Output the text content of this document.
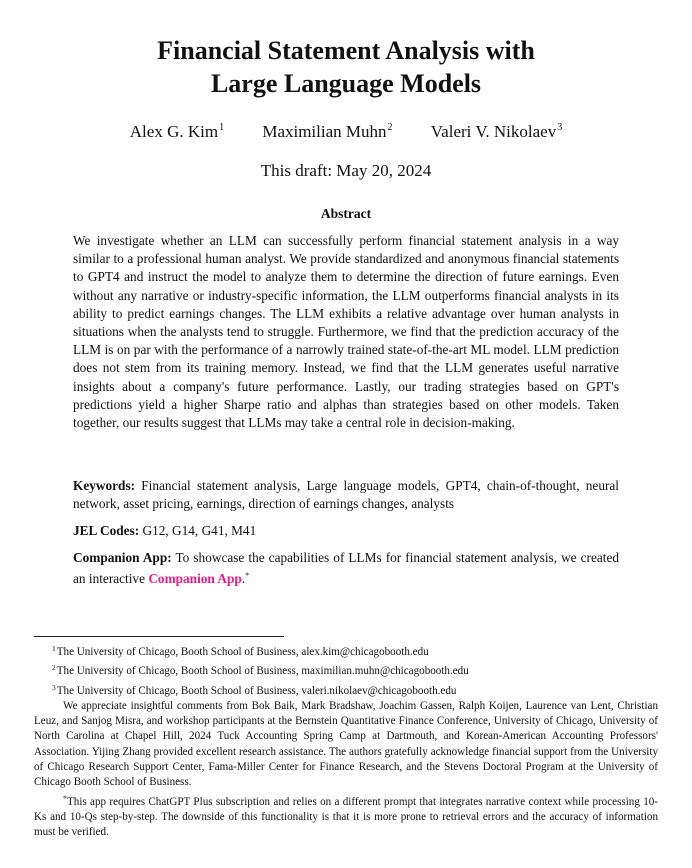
Financial Statement Analysis with
Large Language Models
Alex G. Kim$^1$ Maximilian Muhn$^2$ Valeri V. Nikolaev$^3$
This draft: May 20, 2024
Abstract
We investigate whether an LLM can successfully perform financial statement analysis in a way similar to a professional human analyst. We provide standardized and anonymous financial statements to GPT4 and instruct the model to analyze them to determine the direction of future earnings. Even without any narrative or industry-specific information, the LLM outperforms financial analysts in its ability to predict earnings changes. The LLM exhibits a relative advantage over human analysts in situations when the analysts tend to struggle. Furthermore, we find that the prediction accuracy of the LLM is on par with the performance of a narrowly trained state-of-the-art ML model. LLM prediction does not stem from its training memory. Instead, we find that the LLM generates useful narrative insights about a company's future performance. Lastly, our trading strategies based on GPT's predictions yield a higher Sharpe ratio and alphas than strategies based on other models. Taken together, our results suggest that LLMs may take a central role in decision-making.
Keywords: Financial statement analysis, Large language models, GPT4, chain-of-thought, neural network, asset pricing, earnings, direction of earnings changes, analysts
JEL Codes: G12, G14, G41, M41
Companion App: To showcase the capabilities of LLMs for financial statement analysis, we created an interactive Companion App.*
$^1$The University of Chicago, Booth School of Business, alex.kim@chicagobooth.edu
$^2$The University of Chicago, Booth School of Business, maximilian.muhn@chicagobooth.edu
$^3$The University of Chicago, Booth School of Business, valeri.nikolaev@chicagobooth.edu
We appreciate insightful comments from Bok Baik, Mark Bradshaw, Joachim Gassen, Ralph Koijen, Laurence van Lent, Christian Leuz, and Sanjog Misra, and workshop participants at the Bernstein Quantitative Finance Conference, University of Chicago, University of North Carolina at Chapel Hill, 2024 Tuck Accounting Spring Camp at Dartmouth, and Korean-American Accounting Professors' Association. Yijing Zhang provided excellent research assistance. The authors gratefully acknowledge financial support from the University of Chicago Research Support Center, Fama-Miller Center for Finance Research, and the Stevens Doctoral Program at the University of Chicago Booth School of Business.
*This app requires ChatGPT Plus subscription and relies on a different prompt that integrates narrative context while processing 10-Ks and 10-Qs step-by-step. The downside of this functionality is that it is more prone to retrieval errors and the accuracy of information must be verified.
